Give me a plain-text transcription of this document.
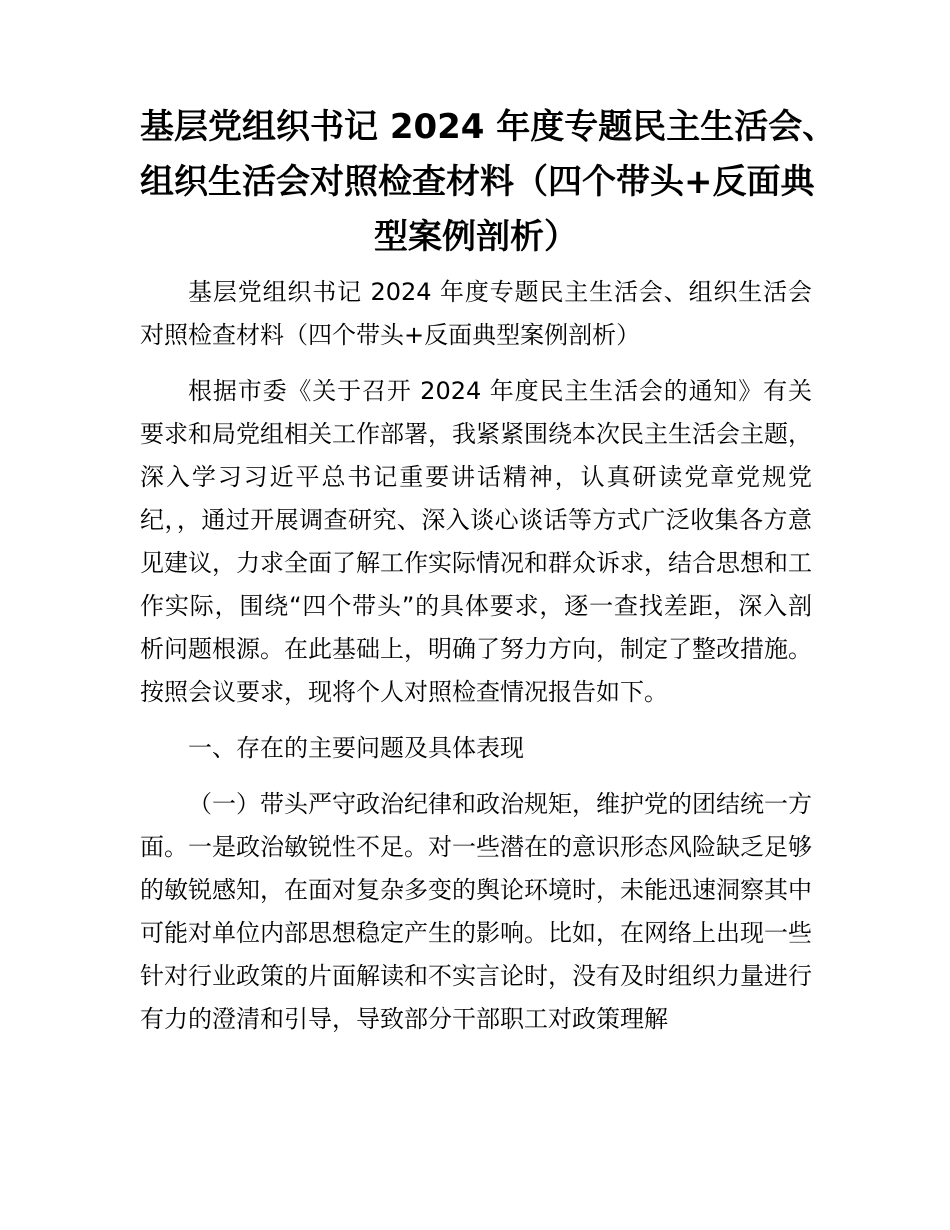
基层党组织书记 2024 年度专题民主生活会、
组织生活会对照检查材料（四个带头+反面典
型案例剖析）

基层党组织书记 2024 年度专题民主生活会、组织生活会对照检查材料（四个带头+反面典型案例剖析）

根据市委《关于召开 2024 年度民主生活会的通知》有关要求和局党组相关工作部署，我紧紧围绕本次民主生活会主题，深入学习习近平总书记重要讲话精神，认真研读党章党规党纪，，通过开展调查研究、深入谈心谈话等方式广泛收集各方意见建议，力求全面了解工作实际情况和群众诉求，结合思想和工作实际，围绕“四个带头”的具体要求，逐一查找差距，深入剖析问题根源。在此基础上，明确了努力方向，制定了整改措施。按照会议要求，现将个人对照检查情况报告如下。

一、存在的主要问题及具体表现

（一）带头严守政治纪律和政治规矩，维护党的团结统一方面。一是政治敏锐性不足。对一些潜在的意识形态风险缺乏足够的敏锐感知，在面对复杂多变的舆论环境时，未能迅速洞察其中可能对单位内部思想稳定产生的影响。比如，在网络上出现一些针对行业政策的片面解读和不实言论时，没有及时组织力量进行有力的澄清和引导，导致部分干部职工对政策理解
